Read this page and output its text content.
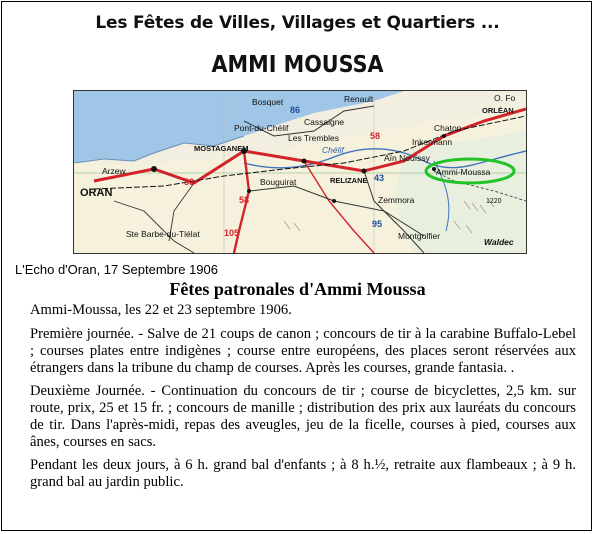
Les Fêtes de Villes, Villages et Quartiers ...
AMMI MOUSSA
Bosquet	Renault
Cassaigne
Pont-du-Chélif
Les Trembles
MOSTAGANEM
Arzew
ORAN
Chélif
Bouguirat	RELIZANE
Zemmora
Inkermann
Chaton
Ammi-Moussa
ORLÉAN
O. Fo
Montgolfier
Waldec
Ste Barbe-du-Tlélat
Aïn Nouïssy
86
80
58
58
105
95
43
1220
L'Echo d'Oran, 17 Septembre 1906
Fêtes patronales d'Ammi Moussa

Ammi-Moussa, les 22 et 23 septembre 1906.

Première journée. - Salve de 21 coups de canon ; concours de tir à la carabine Buffalo-Lebel ; courses plates entre indigènes ; course entre européens, des places seront réservées aux étrangers dans la tribune du champ de courses. Après les courses, grande fantasia. .

Deuxième Journée. - Continuation du concours de tir ; course de bicyclettes, 2,5 km. sur route, prix, 25 et 15 fr. ; concours de manille ; distribution des prix aux lauréats du concours de tir. Dans l'après-midi, repas des aveugles, jeu de la ficelle, courses à pied, courses aux ânes, courses en sacs.

Pendant les deux jours, à 6 h. grand bal d'enfants ; à 8 h.½, retraite aux flambeaux ; à 9 h. grand bal au jardin public.
